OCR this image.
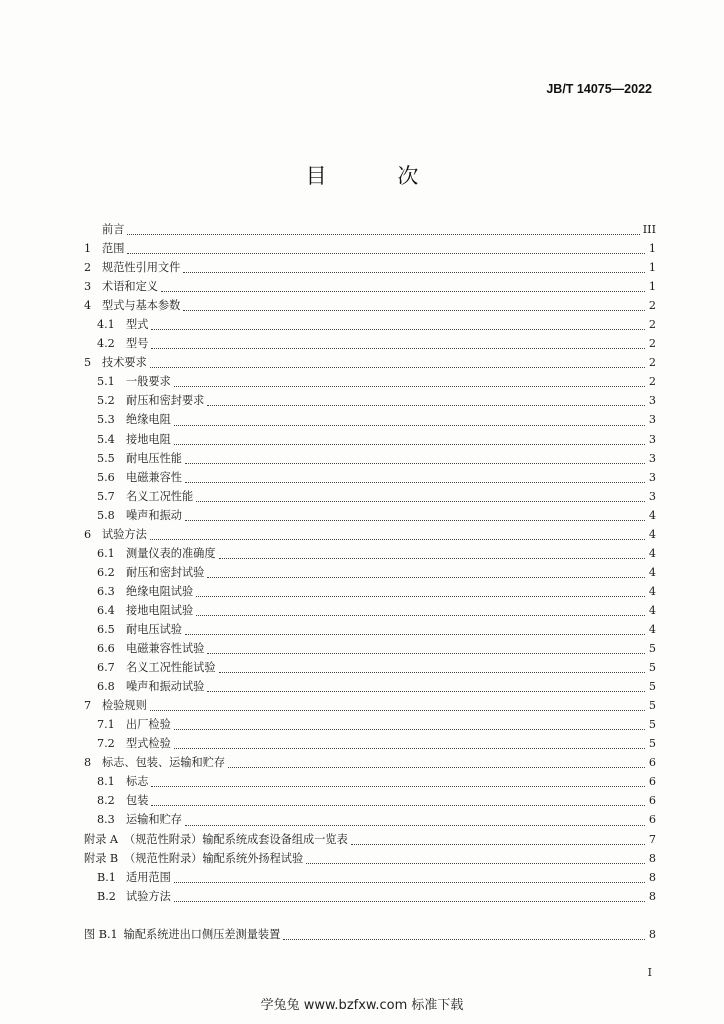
JB/T 14075—2022
目 次
前言	III
1 范围	1
2 规范性引用文件	1
3 术语和定义	1
4 型式与基本参数	2
4.1	型式	2
4.2	型号	2
5 技术要求	2
5.1	一般要求	2
5.2	耐压和密封要求	3
5.3	绝缘电阻	3
5.4	接地电阻	3
5.5	耐电压性能	3
5.6	电磁兼容性	3
5.7	名义工况性能	3
5.8	噪声和振动	4
6 试验方法	4
6.1	测量仪表的准确度	4
6.2	耐压和密封试验	4
6.3	绝缘电阻试验	4
6.4	接地电阻试验	4
6.5	耐电压试验	4
6.6	电磁兼容性试验	5
6.7	名义工况性能试验	5
6.8	噪声和振动试验	5
7 检验规则	5
7.1	出厂检验	5
7.2	型式检验	5
8 标志、包装、运输和贮存	6
8.1	标志	6
8.2	包装	6
8.3	运输和贮存	6
附录 A （规范性附录）输配系统成套设备组成一览表	7
附录 B （规范性附录）输配系统外扬程试验	8
B.1 适用范围	8
B.2 试验方法	8
图 B.1 输配系统进出口侧压差测量装置	8
I
学兔兔 www.bzfxw.com 标准下载
